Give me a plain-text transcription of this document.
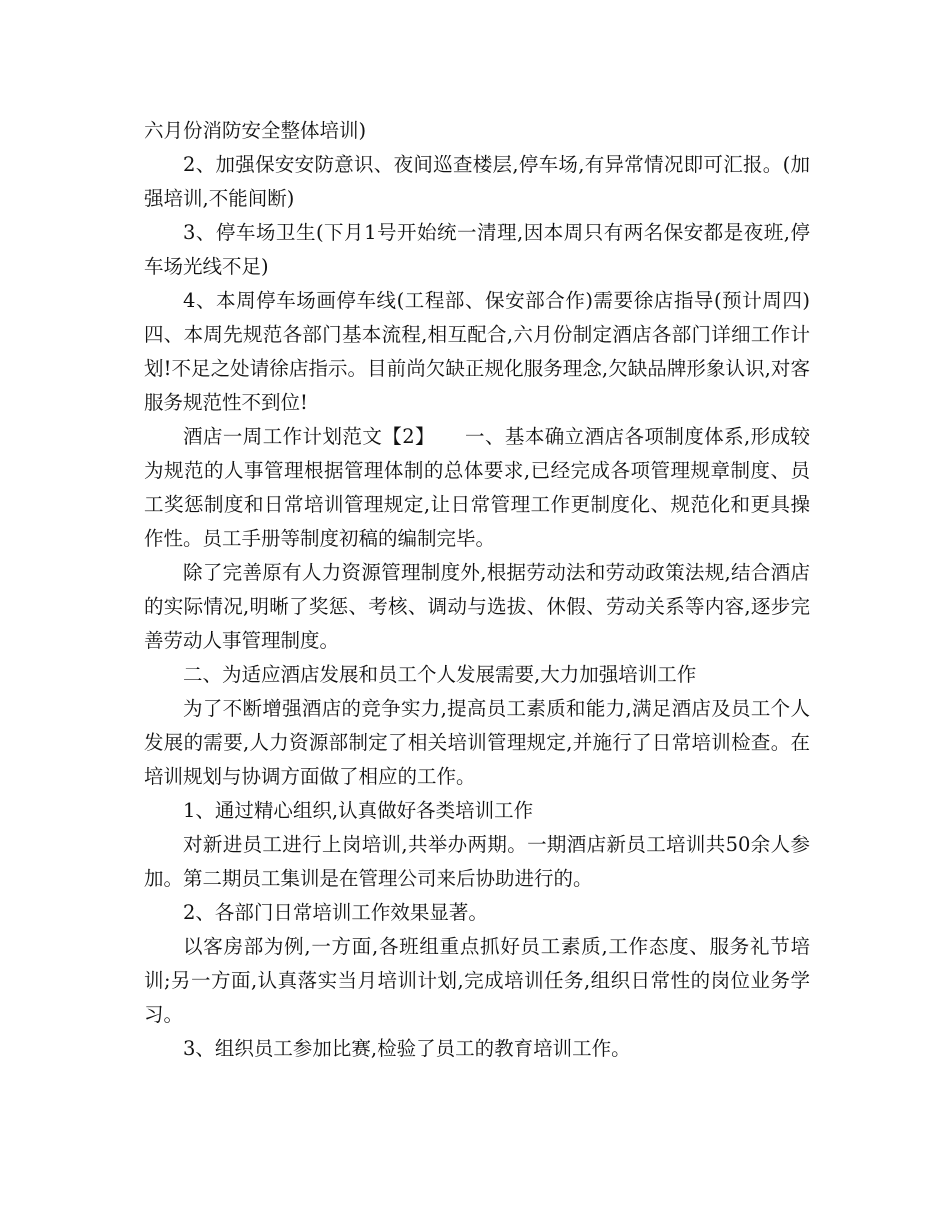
六月份消防安全整体培训)

2、加强保安安防意识、夜间巡查楼层,停车场,有异常情况即可汇报。(加强培训,不能间断)

3、停车场卫生(下月1号开始统一清理,因本周只有两名保安都是夜班,停车场光线不足)

4、本周停车场画停车线(工程部、保安部合作)需要徐店指导(预计周四)四、本周先规范各部门基本流程,相互配合,六月份制定酒店各部门详细工作计划!不足之处请徐店指示。目前尚欠缺正规化服务理念,欠缺品牌形象认识,对客服务规范性不到位!

酒店一周工作计划范文【2】　　一、基本确立酒店各项制度体系,形成较为规范的人事管理根据管理体制的总体要求,已经完成各项管理规章制度、员工奖惩制度和日常培训管理规定,让日常管理工作更制度化、规范化和更具操作性。员工手册等制度初稿的编制完毕。

除了完善原有人力资源管理制度外,根据劳动法和劳动政策法规,结合酒店的实际情况,明晰了奖惩、考核、调动与选拔、休假、劳动关系等内容,逐步完善劳动人事管理制度。

二、为适应酒店发展和员工个人发展需要,大力加强培训工作

为了不断增强酒店的竞争实力,提高员工素质和能力,满足酒店及员工个人发展的需要,人力资源部制定了相关培训管理规定,并施行了日常培训检查。在培训规划与协调方面做了相应的工作。

1、通过精心组织,认真做好各类培训工作

对新进员工进行上岗培训,共举办两期。一期酒店新员工培训共50余人参加。第二期员工集训是在管理公司来后协助进行的。

2、各部门日常培训工作效果显著。

以客房部为例,一方面,各班组重点抓好员工素质,工作态度、服务礼节培训;另一方面,认真落实当月培训计划,完成培训任务,组织日常性的岗位业务学习。

3、组织员工参加比赛,检验了员工的教育培训工作。
